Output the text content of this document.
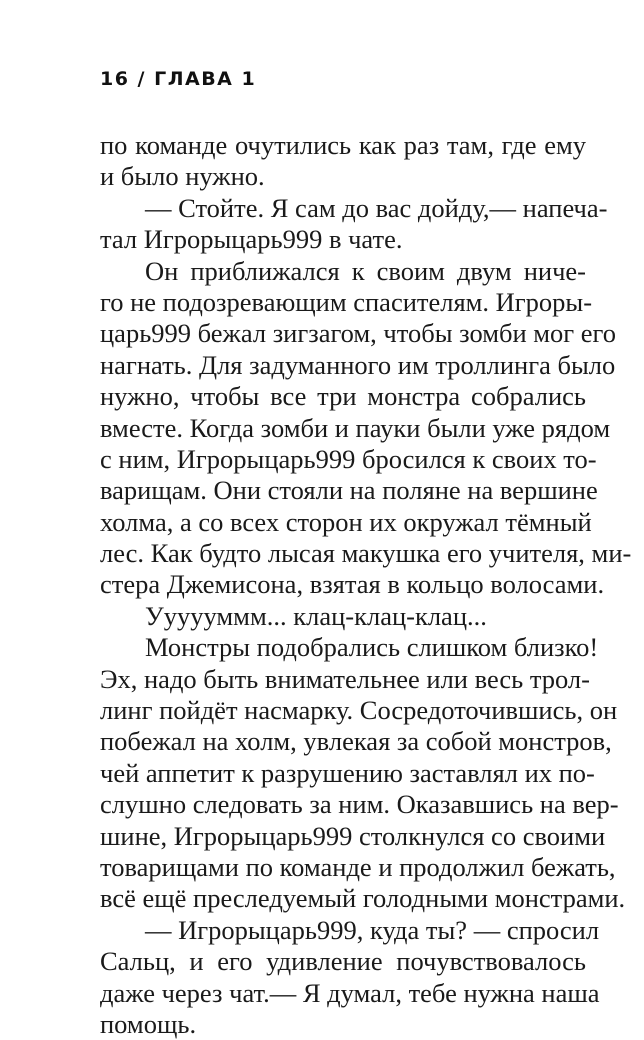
16 / ГЛАВА 1
по команде очутились как раз там, где ему
и было нужно.
— Стойте. Я сам до вас дойду,— напеча-
тал Игрорыцарь999 в чате.
Он приближался к своим двум ниче-
го не подозревающим спасителям. Игроры-
царь999 бежал зигзагом, чтобы зомби мог его
нагнать. Для задуманного им троллинга было
нужно, чтобы все три монстра собрались
вместе. Когда зомби и пауки были уже рядом
с ним, Игрорыцарь999 бросился к своих то-
варищам. Они стояли на поляне на вершине
холма, а со всех сторон их окружал тёмный
лес. Как будто лысая макушка его учителя, ми-
стера Джемисона, взятая в кольцо волосами.
Уууууммм... клац-клац-клац...
Монстры подобрались слишком близко!
Эх, надо быть внимательнее или весь трол-
линг пойдёт насмарку. Сосредоточившись, он
побежал на холм, увлекая за собой монстров,
чей аппетит к разрушению заставлял их по-
слушно следовать за ним. Оказавшись на вер-
шине, Игрорыцарь999 столкнулся со своими
товарищами по команде и продолжил бежать,
всё ещё преследуемый голодными монстрами.
— Игрорыцарь999, куда ты? — спросил
Сальц, и его удивление почувствовалось
даже через чат.— Я думал, тебе нужна наша
помощь.
